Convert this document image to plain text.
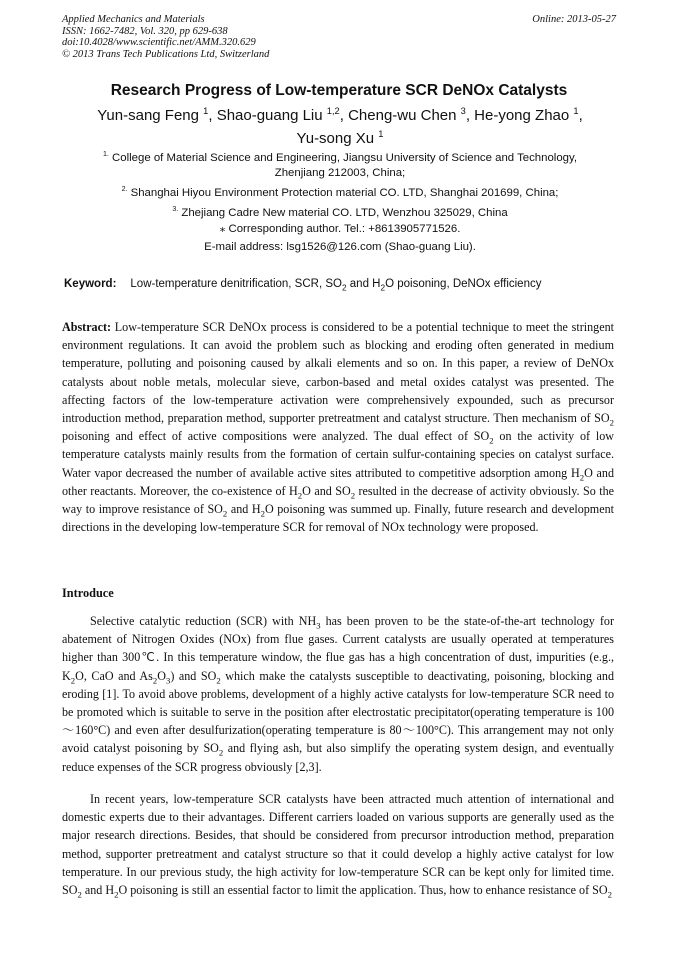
Applied Mechanics and Materials
ISSN: 1662-7482, Vol. 320, pp 629-638
doi:10.4028/www.scientific.net/AMM.320.629
© 2013 Trans Tech Publications Ltd, Switzerland
Online: 2013-05-27
Research Progress of Low-temperature SCR DeNOx Catalysts
Yun-sang Feng $^1$, Shao-guang Liu $^{1,2}$, Cheng-wu Chen $^3$, He-yong Zhao $^1$,
Yu-song Xu $^1$
$^{1.}$ College of Material Science and Engineering, Jiangsu University of Science and Technology,
Zhenjiang 212003, China;
$^{2.}$ Shanghai Hiyou Environment Protection material CO. LTD, Shanghai 201699, China;
$^{3.}$ Zhejiang Cadre New material CO. LTD, Wenzhou 325029, China
⁎ Corresponding author. Tel.: +8613905771526.
E-mail address: lsg1526@126.com (Shao-guang Liu).
Keyword: Low-temperature denitrification, SCR, $SO_2$ and $H_2O$ poisoning, DeNOx efficiency
Abstract: Low-temperature SCR DeNOx process is considered to be a potential technique to meet the stringent environment regulations. It can avoid the problem such as blocking and eroding often generated in medium temperature, polluting and poisoning caused by alkali elements and so on. In this paper, a review of DeNOx catalysts about noble metals, molecular sieve, carbon-based and metal oxides catalyst was presented. The affecting factors of the low-temperature activation were comprehensively expounded, such as precursor introduction method, preparation method, supporter pretreatment and catalyst structure. Then mechanism of $SO_2$ poisoning and effect of active compositions were analyzed. The dual effect of $SO_2$ on the activity of low temperature catalysts mainly results from the formation of certain sulfur-containing species on catalyst surface. Water vapor decreased the number of available active sites attributed to competitive adsorption among $H_2O$ and other reactants. Moreover, the co-existence of $H_2O$ and $SO_2$ resulted in the decrease of activity obviously. So the way to improve resistance of $SO_2$ and $H_2O$ poisoning was summed up. Finally, future research and development directions in the developing low-temperature SCR for removal of NOx technology were proposed.
Introduce
Selective catalytic reduction (SCR) with $NH_3$ has been proven to be the state-of-the-art technology for abatement of Nitrogen Oxides (NOx) from flue gases. Current catalysts are usually operated at temperatures higher than 300℃. In this temperature window, the flue gas has a high concentration of dust, impurities (e.g., $K_2O$, CaO and $As_2O_3$) and $SO_2$ which make the catalysts susceptible to deactivating, poisoning, blocking and eroding [1]. To avoid above problems, development of a highly active catalysts for low-temperature SCR need to be promoted which is suitable to serve in the position after electrostatic precipitator(operating temperature is 100～160°C) and even after desulfurization(operating temperature is 80～100°C). This arrangement may not only avoid catalyst poisoning by $SO_2$ and flying ash, but also simplify the operating system design, and eventually reduce expenses of the SCR progress obviously [2,3].
In recent years, low-temperature SCR catalysts have been attracted much attention of international and domestic experts due to their advantages. Different carriers loaded on various supports are generally used as the major research directions. Besides, that should be considered from precursor introduction method, preparation method, supporter pretreatment and catalyst structure so that it could develop a highly active catalyst for low temperature. In our previous study, the high activity for low-temperature SCR can be kept only for limited time. $SO_2$ and $H_2O$ poisoning is still an essential factor to limit the application. Thus, how to enhance resistance of $SO_2$
